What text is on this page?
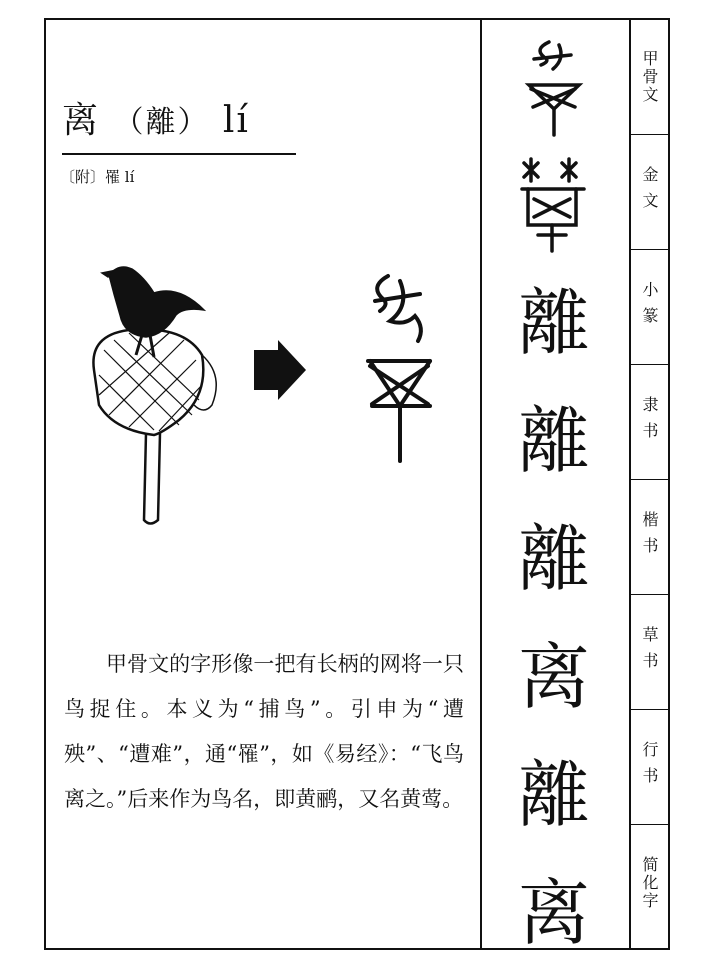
离 （離） lí
〔附〕罹 lí

甲骨文的字形像一把有长柄的网将一只鸟捉住。本义为“捕鸟”。引申为“遭殃”、“遭难”，通“罹”，如《易经》：“飞鸟离之。”后来作为鸟名，即黄鹂，又名黄莺。

離
離
離
离
離
离
甲骨文
金文
小篆
隶书
楷书
草书
行书
简化字
